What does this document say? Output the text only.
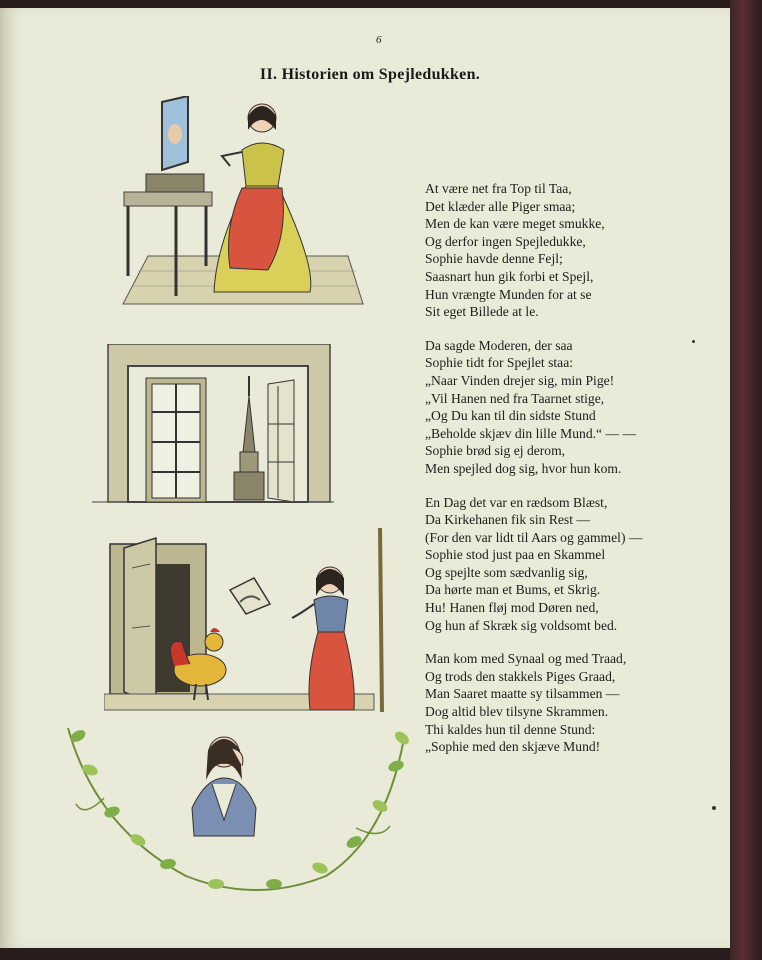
6
II. Historien om Spejledukken.
At være net fra Top til Taa,
Det klæder alle Piger smaa;
Men de kan være meget smukke,
Og derfor ingen Spejledukke,
Sophie havde denne Fejl;
Saasnart hun gik forbi et Spejl,
Hun vrængte Munden for at se
Sit eget Billede at le.
Da sagde Moderen, der saa
Sophie tidt for Spejlet staa:
„Naar Vinden drejer sig, min Pige!
„Vil Hanen ned fra Taarnet stige,
„Og Du kan til din sidste Stund
„Beholde skjæv din lille Mund.“ — —
Sophie brød sig ej derom,
Men spejled dog sig, hvor hun kom.
En Dag det var en rædsom Blæst,
Da Kirkehanen fik sin Rest —
(For den var lidt til Aars og gammel) —
Sophie stod just paa en Skammel
Og spejlte som sædvanlig sig,
Da hørte man et Bums, et Skrig.
Hu! Hanen fløj mod Døren ned,
Og hun af Skræk sig voldsomt bed.
Man kom med Synaal og med Traad,
Og trods den stakkels Piges Graad,
Man Saaret maatte sy tilsammen —
Dog altid blev tilsyne Skrammen.
Thi kaldes hun til denne Stund:
„Sophie med den skjæve Mund!
